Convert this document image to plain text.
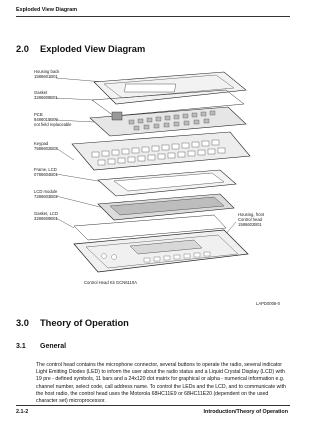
Exploded View Diagram
2.0 Exploded View Diagram
Housing back 1586601B01
Gasket 3286608B01
PCB 8486015B09 not field replaceable
Keypad 7586602B03
Frame, LCD 0786604B01
LCD module 7286603B02
Gasket, LCD 3286609B01
Housing, front Control head 1586602B01
Control Head Kit GCN6110A
LAPD0006-0
3.0 Theory of Operation
3.1 General

The control head contains the microphone connector, several buttons to operate the radio, several indicator Light Emitting Diodes (LED) to inform the user about the radio status and a Liquid Crystal Display (LCD) with 19 pre - defined symbols, 11 bars and a 24x120 dot matrix for graphical or alpha - numerical information e.g. channel number, select code, call address name. To control the LEDs and the LCD, and to communicate with the host radio, the control head uses the Motorola 68HC11E9 or 68HC11E20 (dependent on the used character set) microprocessor.

2.1-2	Introduction/Theory of Operation
